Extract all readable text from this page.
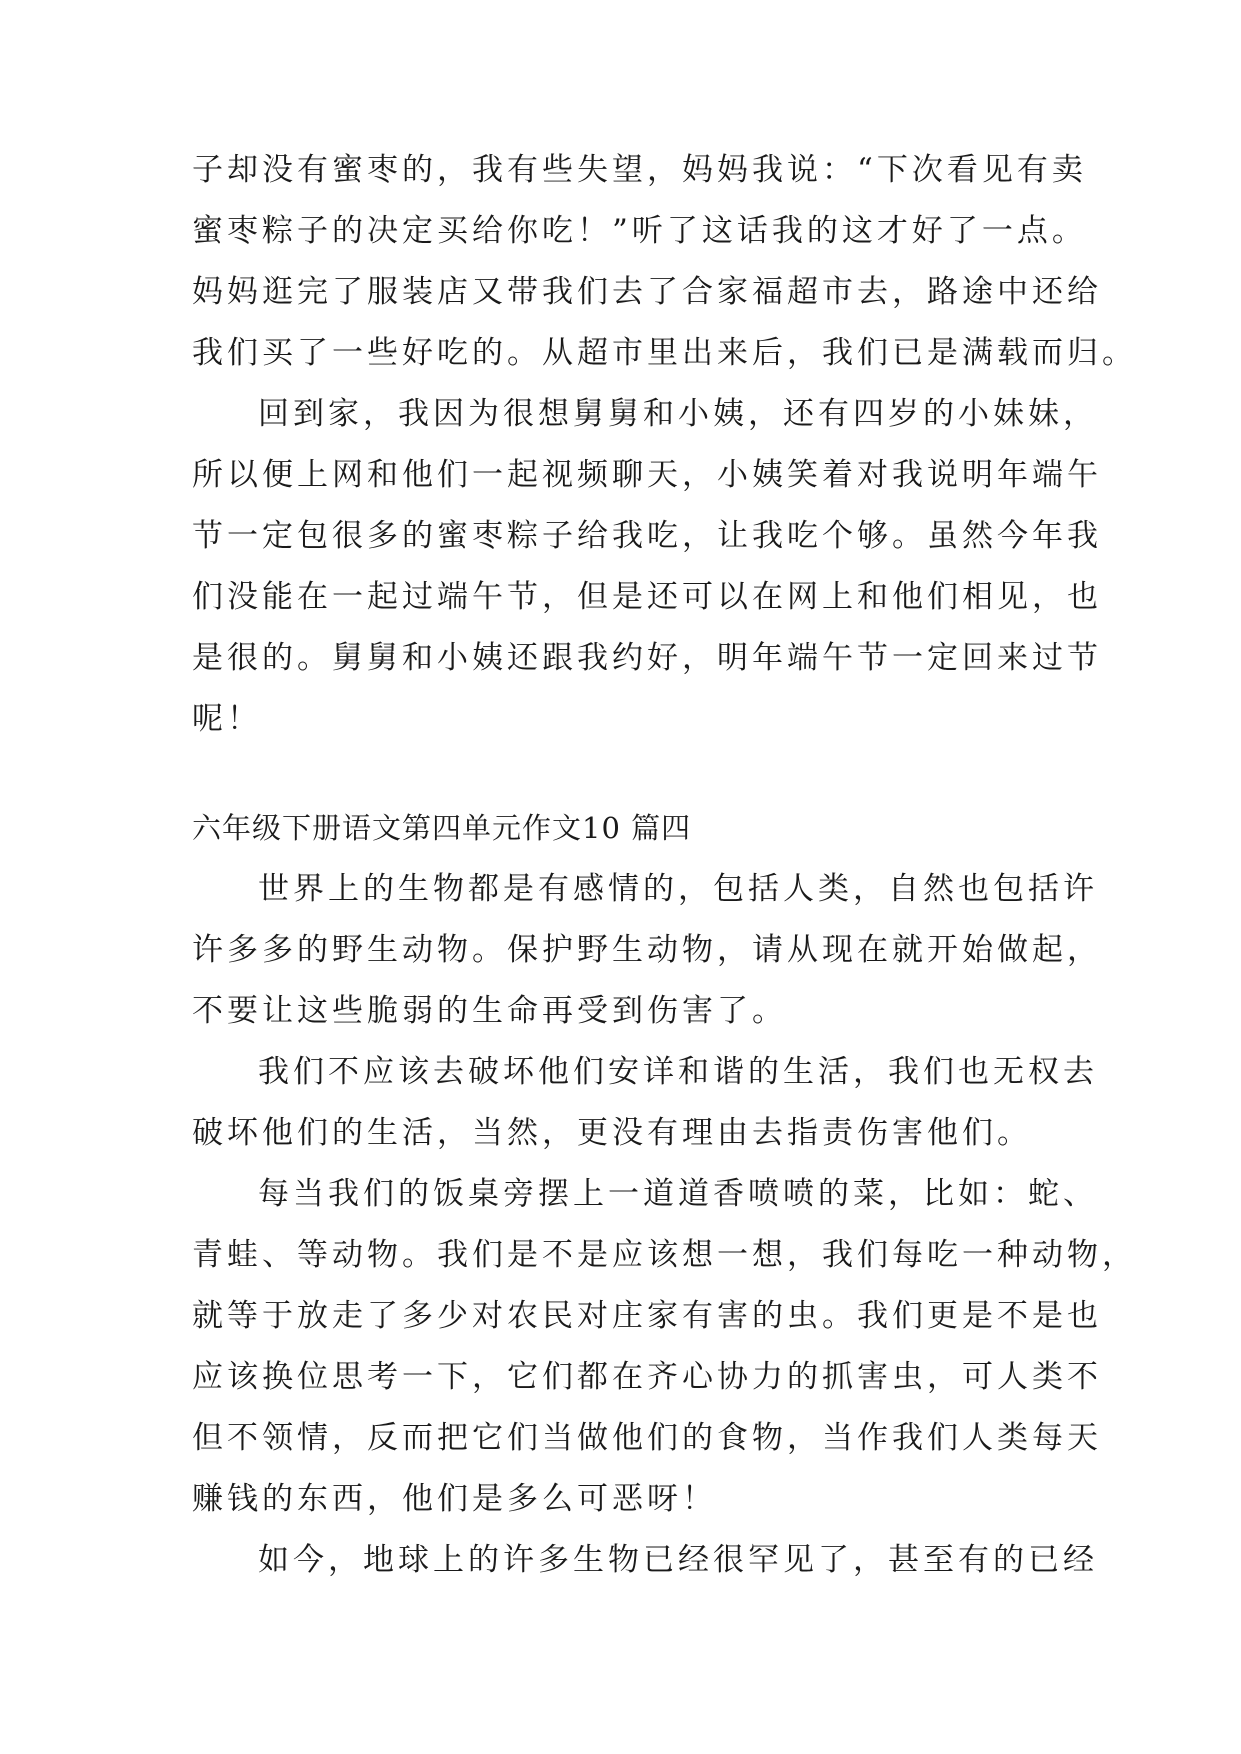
子却没有蜜枣的，我有些失望，妈妈我说：“下次看见有卖
蜜枣粽子的决定买给你吃！”听了这话我的这才好了一点。
妈妈逛完了服装店又带我们去了合家福超市去，路途中还给
我们买了一些好吃的。从超市里出来后，我们已是满载而归。
回到家，我因为很想舅舅和小姨，还有四岁的小妹妹，
所以便上网和他们一起视频聊天，小姨笑着对我说明年端午
节一定包很多的蜜枣粽子给我吃，让我吃个够。虽然今年我
们没能在一起过端午节，但是还可以在网上和他们相见，也
是很的。舅舅和小姨还跟我约好，明年端午节一定回来过节
呢！
六年级下册语文第四单元作文10 篇四
世界上的生物都是有感情的，包括人类，自然也包括许
许多多的野生动物。保护野生动物，请从现在就开始做起，
不要让这些脆弱的生命再受到伤害了。
我们不应该去破坏他们安详和谐的生活，我们也无权去
破坏他们的生活，当然，更没有理由去指责伤害他们。
每当我们的饭桌旁摆上一道道香喷喷的菜，比如：蛇、
青蛙、等动物。我们是不是应该想一想，我们每吃一种动物，
就等于放走了多少对农民对庄家有害的虫。我们更是不是也
应该换位思考一下，它们都在齐心协力的抓害虫，可人类不
但不领情，反而把它们当做他们的食物，当作我们人类每天
赚钱的东西，他们是多么可恶呀！
如今，地球上的许多生物已经很罕见了，甚至有的已经
